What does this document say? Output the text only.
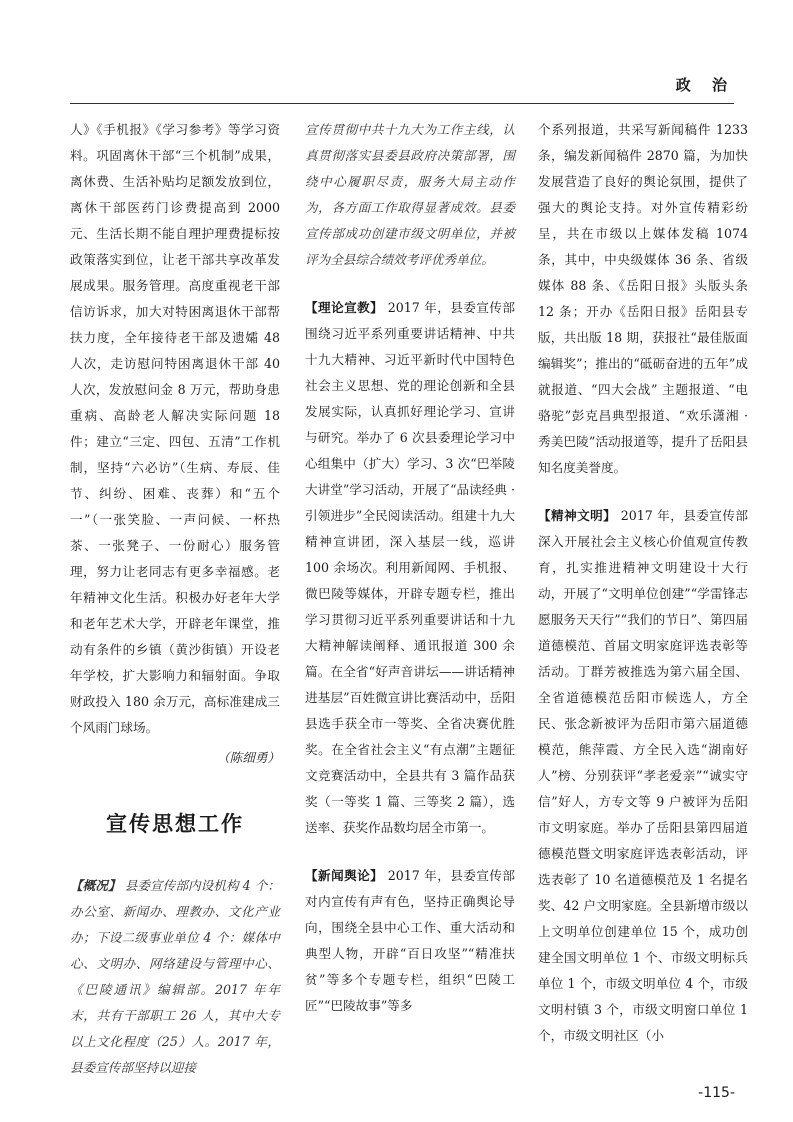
政 治

人》《手机报》《学习参考》等学习资料。巩固离休干部“三个机制”成果，离休费、生活补贴均足额发放到位，离休干部医药门诊费提高到 2000 元、生活长期不能自理护理费提标按政策落实到位，让老干部共享改革发展成果。服务管理。高度重视老干部信访诉求，加大对特困离退休干部帮扶力度，全年接待老干部及遗孀 48 人次，走访慰问特困离退休干部 40 人次，发放慰问金 8 万元，帮助身患重病、高龄老人解决实际问题 18 件；建立“三定、四包、五清”工作机制，坚持“六必访”（生病、寿辰、佳节、纠纷、困难、丧葬）和“五个一”（一张笑脸、一声问候、一杯热茶、一张凳子、一份耐心）服务管理，努力让老同志有更多幸福感。老年精神文化生活。积极办好老年大学和老年艺术大学，开辟老年课堂，推动有条件的乡镇（黄沙街镇）开设老年学校，扩大影响力和辐射面。争取财政投入 180 余万元，高标准建成三个风雨门球场。

（陈细勇）
宣传思想工作

【概况】 县委宣传部内设机构 4 个：办公室、新闻办、理教办、文化产业办；下设二级事业单位 4 个：媒体中心、文明办、网络建设与管理中心、《巴陵通讯》编辑部。2017 年年末，共有干部职工 26 人，其中大专以上文化程度（25）人。2017 年，县委宣传部坚持以迎接

宣传贯彻中共十九大为工作主线，认真贯彻落实县委县政府决策部署，围绕中心履职尽责，服务大局主动作为，各方面工作取得显著成效。县委宣传部成功创建市级文明单位，并被评为全县综合绩效考评优秀单位。

【理论宣教】 2017 年，县委宣传部围绕习近平系列重要讲话精神、中共十九大精神、习近平新时代中国特色社会主义思想、党的理论创新和全县发展实际，认真抓好理论学习、宣讲与研究。举办了 6 次县委理论学习中心组集中（扩大）学习、3 次“巴举陵大讲堂”学习活动，开展了“品读经典 · 引领进步”全民阅读活动。组建十九大精神宣讲团，深入基层一线，巡讲 100 余场次。利用新闻网、手机报、微巴陵等媒体，开辟专题专栏，推出学习贯彻习近平系列重要讲话和十九大精神解读阐释、通讯报道 300 余篇。在全省“好声音讲坛——讲话精神进基层”百姓微宣讲比赛活动中，岳阳县选手获全市一等奖、全省决赛优胜奖。在全省社会主义“有点潮”主题征文竞赛活动中，全县共有 3 篇作品获奖（一等奖 1 篇、三等奖 2 篇），选送率、获奖作品数均居全市第一。

【新闻舆论】 2017 年，县委宣传部对内宣传有声有色，坚持正确舆论导向，围绕全县中心工作、重大活动和典型人物，开辟“百日攻坚”“精准扶贫”等多个专题专栏，组织“巴陵工匠”“巴陵故事”等多

个系列报道，共采写新闻稿件 1233 条，编发新闻稿件 2870 篇，为加快发展营造了良好的舆论氛围，提供了强大的舆论支持。对外宣传精彩纷呈，共在市级以上媒体发稿 1074 条，其中，中央级媒体 36 条、省级媒体 88 条、《岳阳日报》头版头条 12 条；开办《岳阳日报》岳阳县专版，共出版 18 期，获报社“最佳版面编辑奖”；推出的“砥砺奋进的五年”成就报道、“四大会战” 主题报道、“电骆驼”彭克昌典型报道、“欢乐潇湘 · 秀美巴陵”活动报道等，提升了岳阳县知名度美誉度。

【精神文明】 2017 年，县委宣传部深入开展社会主义核心价值观宣传教育，扎实推进精神文明建设十大行动，开展了“文明单位创建”“学雷锋志愿服务天天行”“我们的节日”、第四届道德模范、首届文明家庭评选表彰等活动。丁群芳被推选为第六届全国、全省道德模范岳阳市候选人，方全民、张念新被评为岳阳市第六届道德模范，熊萍霞、方全民入选“湖南好人”榜、分别获评“孝老爱亲”“诚实守信”好人，方专文等 9 户被评为岳阳市文明家庭。举办了岳阳县第四届道德模范暨文明家庭评选表彰活动，评选表彰了 10 名道德模范及 1 名提名奖、42 户文明家庭。全县新增市级以上文明单位创建单位 15 个，成功创建全国文明单位 1 个、市级文明标兵单位 1 个，市级文明单位 4 个，市级文明村镇 3 个，市级文明窗口单位 1 个，市级文明社区（小

-115-
